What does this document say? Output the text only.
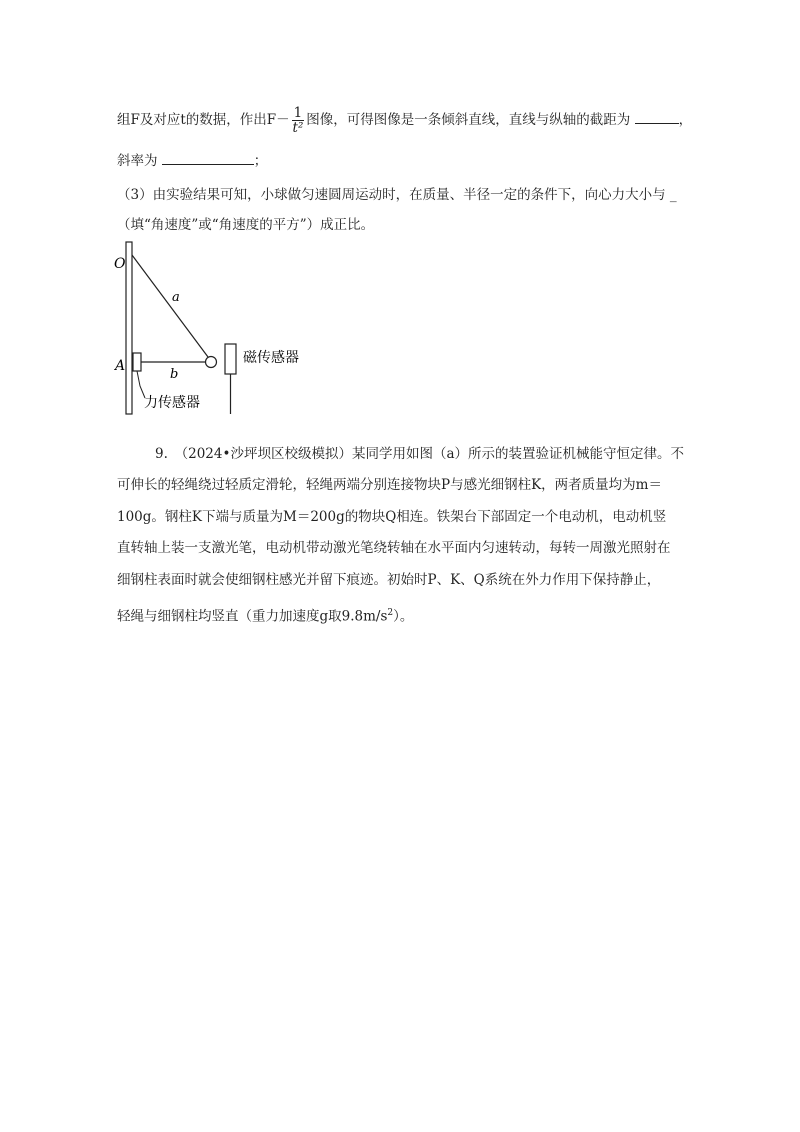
组F及对应t的数据，作出$F- \frac{1}{\text{t²}}$ 图像，可得图像是一条倾斜直线，直线与纵轴的截距为	，
斜率为	；
（3）由实验结果可知，小球做匀速圆周运动时，在质量、半径一定的条件下，向心力大小与 _
（填“角速度”或“角速度的平方”）成正比。
O
a
A
b
磁传感器
力传感器
9.　（2024•沙坪坝区校级模拟）某同学用如图（a）所示的装置验证机械能守恒定律。不
可伸长的轻绳绕过轻质定滑轮，轻绳两端分别连接物块P与感光细钢柱K，两者质量均为m＝
100g。钢柱K下端与质量为M＝200g的物块Q相连。铁架台下部固定一个电动机，电动机竖
直转轴上装一支激光笔，电动机带动激光笔绕转轴在水平面内匀速转动，每转一周激光照射在
细钢柱表面时就会使细钢柱感光并留下痕迹。初始时P、K、Q系统在外力作用下保持静止，
轻绳与细钢柱均竖直（重力加速度g取$9.8m/s^2$）。
